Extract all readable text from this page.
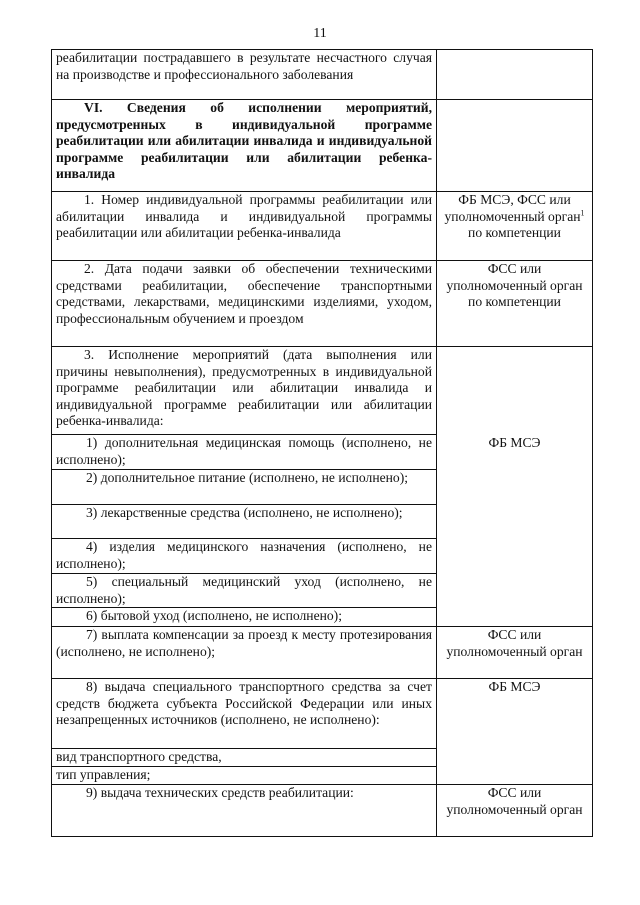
11
реабилитации пострадавшего в результате несчастного случая на производстве и профессионального заболевания	
VI. Сведения об исполнении мероприятий, предусмотренных в индивидуальной программе реабилитации или абилитации инвалида и индивидуальной программе реабилитации или абилитации ребенка-инвалида	
1. Номер индивидуальной программы реабилитации или абилитации инвалида и индивидуальной программы реабилитации или абилитации ребенка-инвалида	ФБ МСЭ, ФСС или уполномоченный орган$^1$ по компетенции
2. Дата подачи заявки об обеспечении техническими средствами реабилитации, обеспечение транспортными средствами, лекарствами, медицинскими изделиями, уходом, профессиональным обучением и проездом	ФСС или уполномоченный орган по компетенции
3. Исполнение мероприятий (дата выполнения или причины невыполнения), предусмотренных в индивидуальной программе реабилитации или абилитации инвалида и индивидуальной программе реабилитации или абилитации ребенка-инвалида:	
1) дополнительная медицинская помощь (исполнено, не исполнено);	ФБ МСЭ
2) дополнительное питание (исполнено, не исполнено);	
3) лекарственные средства (исполнено, не исполнено);	
4) изделия медицинского назначения (исполнено, не исполнено);	
5) специальный медицинский уход (исполнено, не исполнено);	
6) бытовой уход (исполнено, не исполнено);	
7) выплата компенсации за проезд к месту протезирования (исполнено, не исполнено);	ФСС или уполномоченный орган
8) выдача специального транспортного средства за счет средств бюджета субъекта Российской Федерации или иных незапрещенных источников (исполнено, не исполнено):	ФБ МСЭ
вид транспортного средства,	
тип управления;	
9) выдача технических средств реабилитации:	ФСС или уполномоченный орган
